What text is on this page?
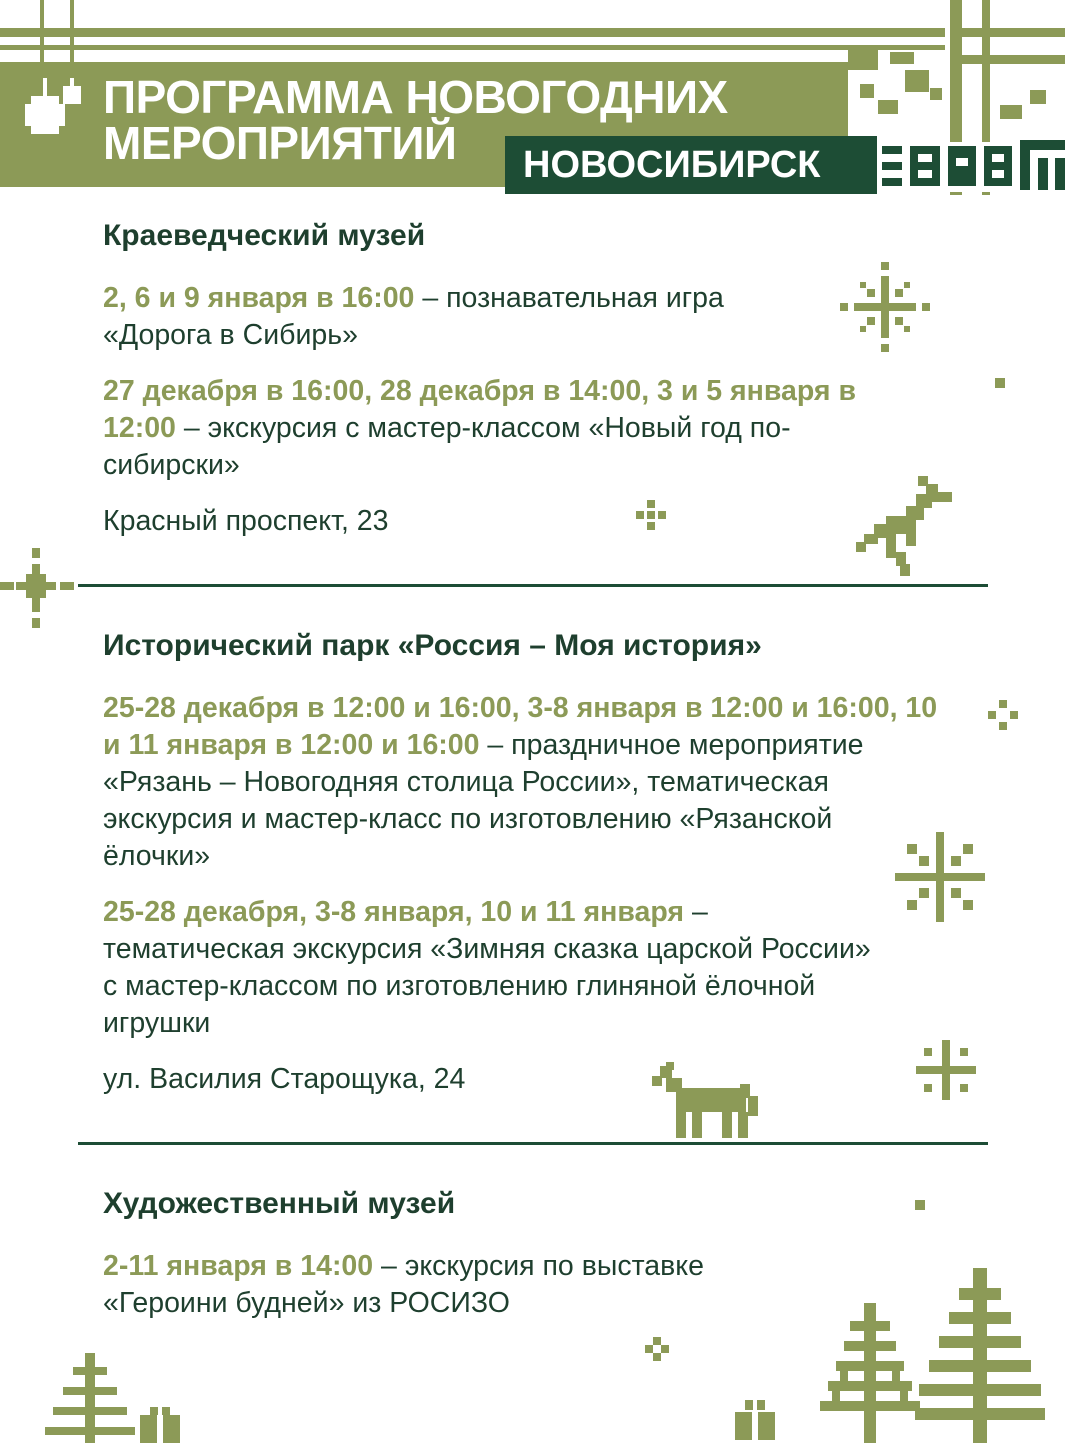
ПРОГРАММА НОВОГОДНИХ
МЕРОПРИЯТИЙ	НОВОСИБИРСК
Краеведческий музей

2, 6 и 9 января в 16:00 – познавательная игра «Дорога в Сибирь»

27 декабря в 16:00, 28 декабря в 14:00, 3 и 5 января в 12:00 – экскурсия с мастер-классом «Новый год по-сибирски»

Красный проспект, 23

Исторический парк «Россия – Моя история»

25-28 декабря в 12:00 и 16:00, 3-8 января в 12:00 и 16:00, 10 и 11 января в 12:00 и 16:00 – праздничное мероприятие «Рязань – Новогодняя столица России», тематическая экскурсия и мастер-класс по изготовлению «Рязанской ёлочки»

25-28 декабря, 3-8 января, 10 и 11 января – тематическая экскурсия «Зимняя сказка царской России» с мастер-классом по изготовлению глиняной ёлочной игрушки

ул. Василия Старощука, 24

Художественный музей

2-11 января в 14:00 – экскурсия по выставке «Героини будней» из РОСИЗО
